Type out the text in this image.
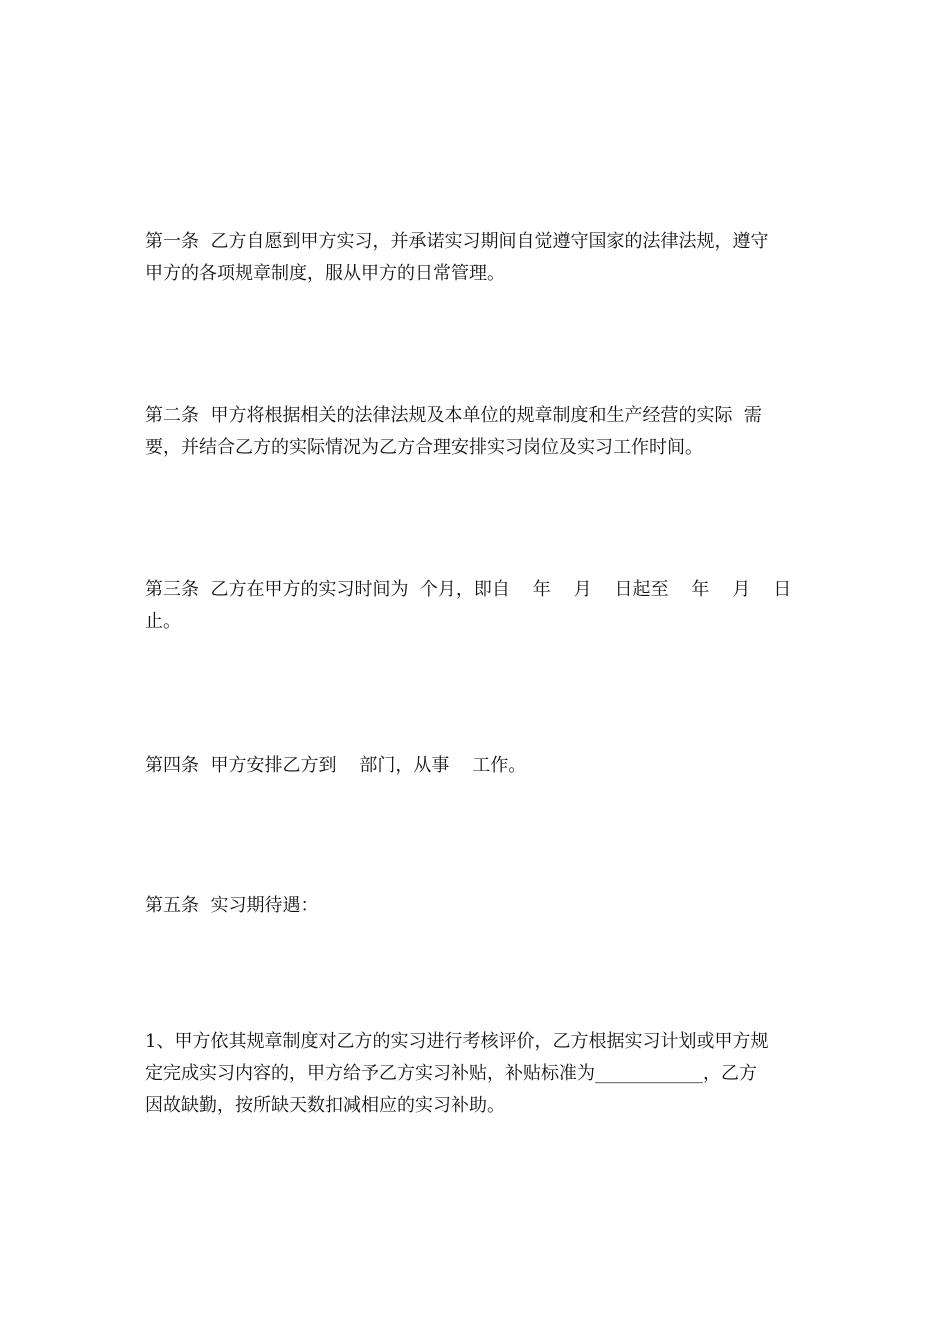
第一条  乙方自愿到甲方实习，并承诺实习期间自觉遵守国家的法律法规，遵守
甲方的各项规章制度，服从甲方的日常管理。

第二条  甲方将根据相关的法律法规及本单位的规章制度和生产经营的实际  需
要，并结合乙方的实际情况为乙方合理安排实习岗位及实习工作时间。

第三条  乙方在甲方的实习时间为  个月，即自    年    月    日起至    年    月    日
止。

第四条  甲方安排乙方到    部门，从事    工作。

第五条  实习期待遇：

1、甲方依其规章制度对乙方的实习进行考核评价，乙方根据实习计划或甲方规
定完成实习内容的，甲方给予乙方实习补贴，补贴标准为____________，乙方
因故缺勤，按所缺天数扣减相应的实习补助。
